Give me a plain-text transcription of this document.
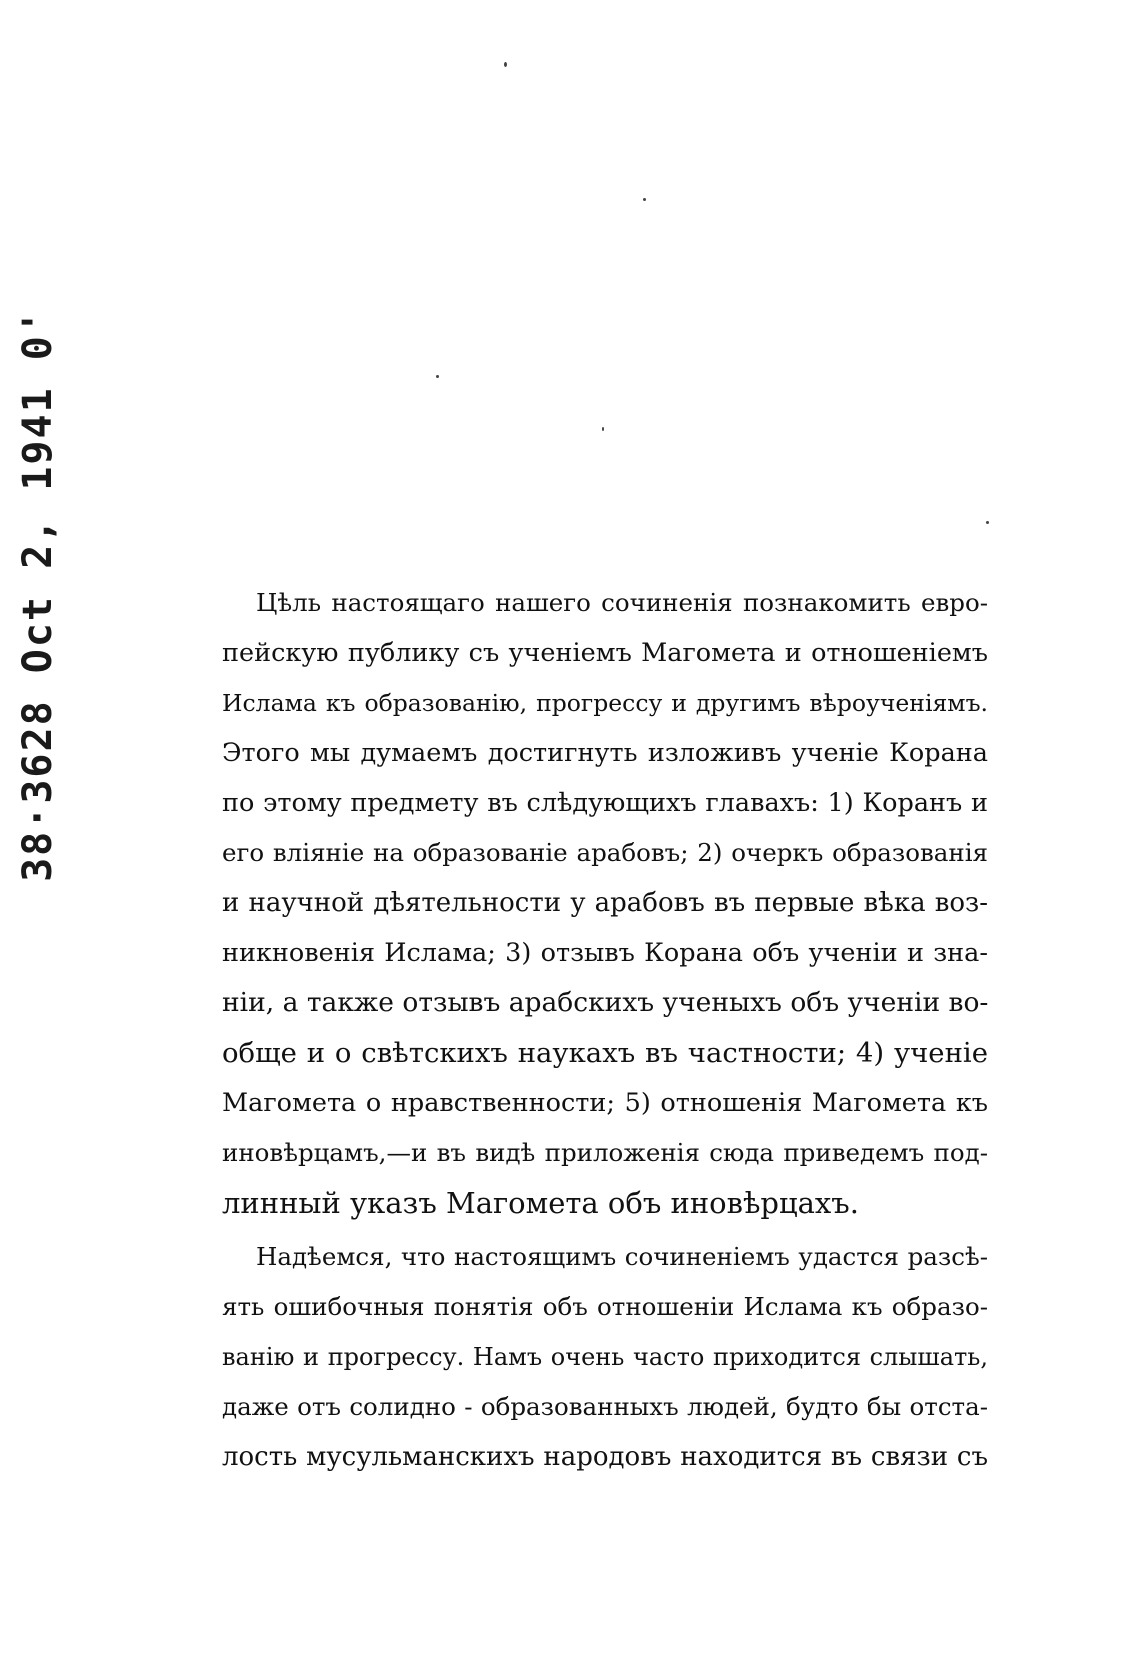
38·3628 Oct 2, 1941 0'	Цѣль настоящаго нашего сочиненія познакомить евро-
пейскую публику съ ученіемъ Магомета и отношеніемъ
Ислама къ образованію, прогрессу и другимъ вѣроученіямъ.
Этого мы думаемъ достигнуть изложивъ ученіе Корана
по этому предмету въ слѣдующихъ главахъ: 1) Коранъ и
его вліяніе на образованіе арабовъ; 2) очеркъ образованія
и научной дѣятельности у арабовъ въ первые вѣка воз-
никновенія Ислама; 3) отзывъ Корана объ ученіи и зна-
ніи, а также отзывъ арабскихъ ученыхъ объ ученіи во-
обще и о свѣтскихъ наукахъ въ частности; 4) ученіе
Магомета о нравственности; 5) отношенія Магомета къ
иновѣрцамъ,—и въ видѣ приложенія сюда приведемъ под-
линный указъ Магомета объ иновѣрцахъ.

Надѣемся, что настоящимъ сочиненіемъ удастся разсѣ-
ять ошибочныя понятія объ отношеніи Ислама къ образо-
ванію и прогрессу. Намъ очень часто приходится слышать,
даже отъ солидно - образованныхъ людей, будто бы отста-
лость мусульманскихъ народовъ находится въ связи съ
